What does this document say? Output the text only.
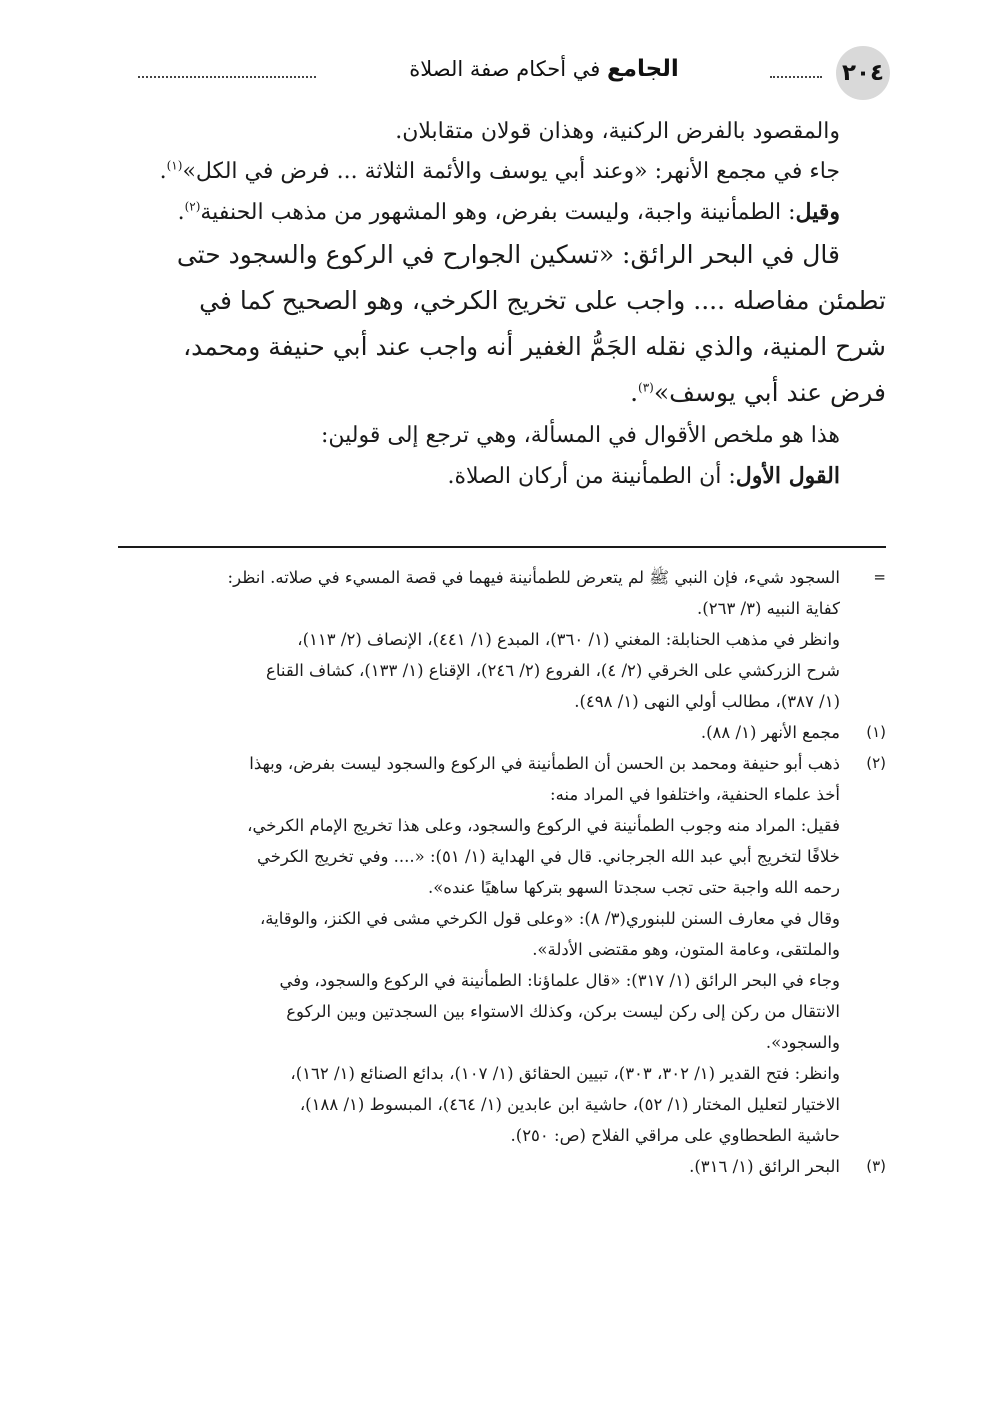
٢٠٤
الجامع في أحكام صفة الصلاة
والمقصود بالفرض الركنية، وهذان قولان متقابلان.
جاء في مجمع الأنهر: «وعند أبي يوسف والأئمة الثلاثة ... فرض في الكل»$^{(١)}$.
وقيل: الطمأنينة واجبة، وليست بفرض، وهو المشهور من مذهب الحنفية$^{(٢)}$.
قال في البحر الرائق: «تسكين الجوارح في الركوع والسجود حتى
تطمئن مفاصله .... واجب على تخريج الكرخي، وهو الصحيح كما في
شرح المنية، والذي نقله الجَمُّ الغفير أنه واجب عند أبي حنيفة ومحمد،
فرض عند أبي يوسف»$^{(٣)}$.
هذا هو ملخص الأقوال في المسألة، وهي ترجع إلى قولين:
القول الأول: أن الطمأنينة من أركان الصلاة.
=
السجود شيء، فإن النبي ﷺ لم يتعرض للطمأنينة فيهما في قصة المسيء في صلاته. انظر:
كفاية النبيه (٣/ ٢٦٣).
وانظر في مذهب الحنابلة: المغني (١/ ٣٦٠)، المبدع (١/ ٤٤١)، الإنصاف (٢/ ١١٣)،
شرح الزركشي على الخرقي (٢/ ٤)، الفروع (٢/ ٢٤٦)، الإقناع (١/ ١٣٣)، كشاف القناع
(١/ ٣٨٧)، مطالب أولي النهى (١/ ٤٩٨).
(١)
مجمع الأنهر (١/ ٨٨).
(٢)
ذهب أبو حنيفة ومحمد بن الحسن أن الطمأنينة في الركوع والسجود ليست بفرض، وبهذا
أخذ علماء الحنفية، واختلفوا في المراد منه:
فقيل: المراد منه وجوب الطمأنينة في الركوع والسجود، وعلى هذا تخريج الإمام الكرخي،
خلافًا لتخريج أبي عبد الله الجرجاني. قال في الهداية (١/ ٥١): «.... وفي تخريج الكرخي
رحمه الله واجبة حتى تجب سجدتا السهو بتركها ساهيًا عنده».
وقال في معارف السنن للبنوري(٣/ ٨): «وعلى قول الكرخي مشى في الكنز، والوقاية،
والملتقى، وعامة المتون، وهو مقتضى الأدلة».
وجاء في البحر الرائق (١/ ٣١٧): «قال علماؤنا: الطمأنينة في الركوع والسجود، وفي
الانتقال من ركن إلى ركن ليست بركن، وكذلك الاستواء بين السجدتين وبين الركوع
والسجود».
وانظر: فتح القدير (١/ ٣٠٢، ٣٠٣)، تبيين الحقائق (١/ ١٠٧)، بدائع الصنائع (١/ ١٦٢)،
الاختيار لتعليل المختار (١/ ٥٢)، حاشية ابن عابدين (١/ ٤٦٤)، المبسوط (١/ ١٨٨)،
حاشية الطحطاوي على مراقي الفلاح (ص: ٢٥٠).
(٣)
البحر الرائق (١/ ٣١٦).
